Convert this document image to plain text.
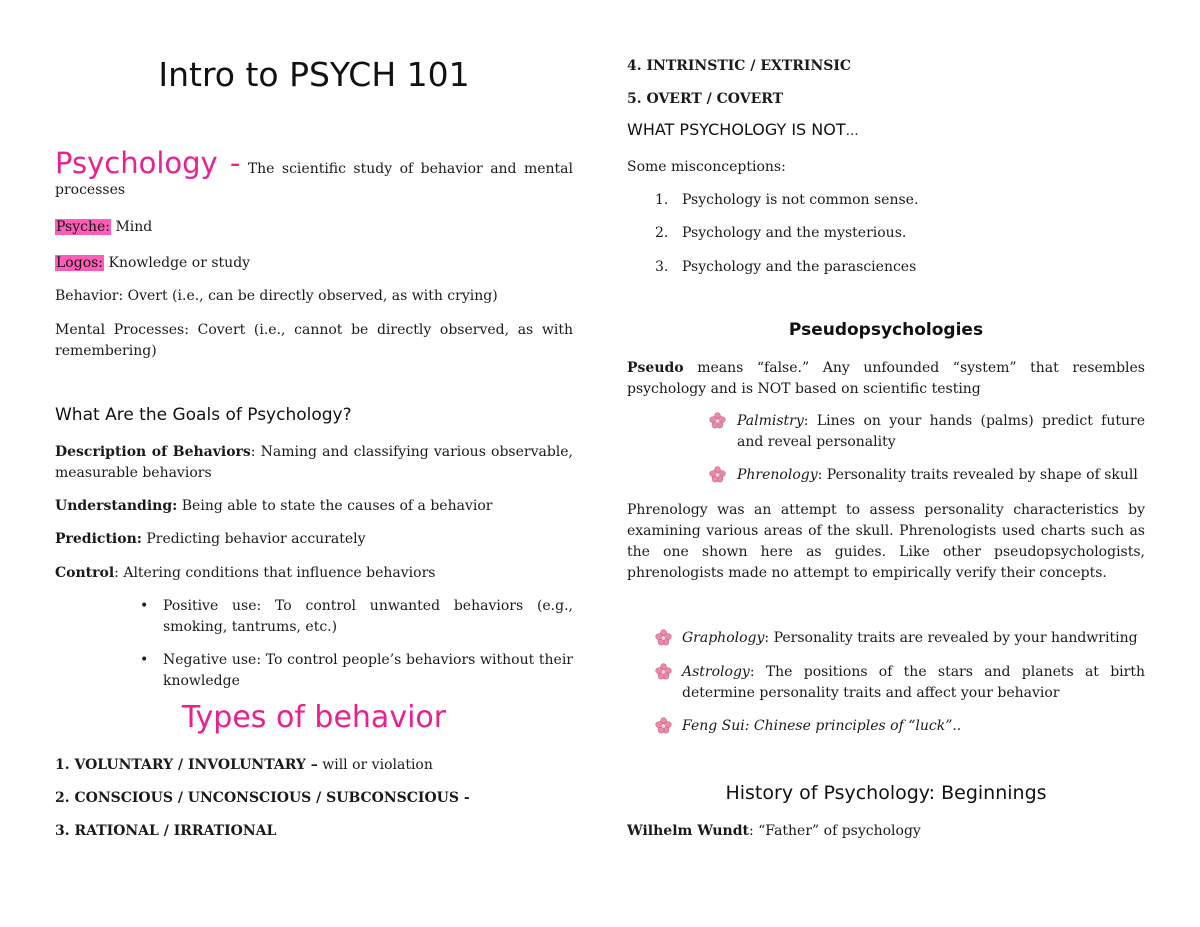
Intro to PSYCH 101

Psychology - The scientific study of behavior and mental processes

Psyche: Mind

Logos: Knowledge or study

Behavior: Overt (i.e., can be directly observed, as with crying)

Mental Processes: Covert (i.e., cannot be directly observed, as with remembering)

What Are the Goals of Psychology?

Description of Behaviors: Naming and classifying various observable, measurable behaviors

Understanding: Being able to state the causes of a behavior

Prediction: Predicting behavior accurately

Control: Altering conditions that influence behaviors

• Positive use: To control unwanted behaviors (e.g., smoking, tantrums, etc.)
• Negative use: To control people’s behaviors without their knowledge
Types of behavior

1. VOLUNTARY / INVOLUNTARY – will or violation

2. CONSCIOUS / UNCONSCIOUS / SUBCONSCIOUS -

3. RATIONAL / IRRATIONAL

4. INTRINSTIC / EXTRINSIC

5. OVERT / COVERT

WHAT PSYCHOLOGY IS NOT…

Some misconceptions:

1. Psychology is not common sense.
2. Psychology and the mysterious.
3. Psychology and the parasciences
Pseudopsychologies

Pseudo means “false.” Any unfounded “system” that resembles psychology and is NOT based on scientific testing

Palmistry: Lines on your hands (palms) predict future and reveal personality
Phrenology: Personality traits revealed by shape of skull

Phrenology was an attempt to assess personality characteristics by examining various areas of the skull. Phrenologists used charts such as the one shown here as guides. Like other pseudopsychologists, phrenologists made no attempt to empirically verify their concepts.

Graphology: Personality traits are revealed by your handwriting
Astrology: The positions of the stars and planets at birth determine personality traits and affect your behavior
Feng Sui: Chinese principles of “luck”..
History of Psychology: Beginnings

Wilhelm Wundt: “Father” of psychology
